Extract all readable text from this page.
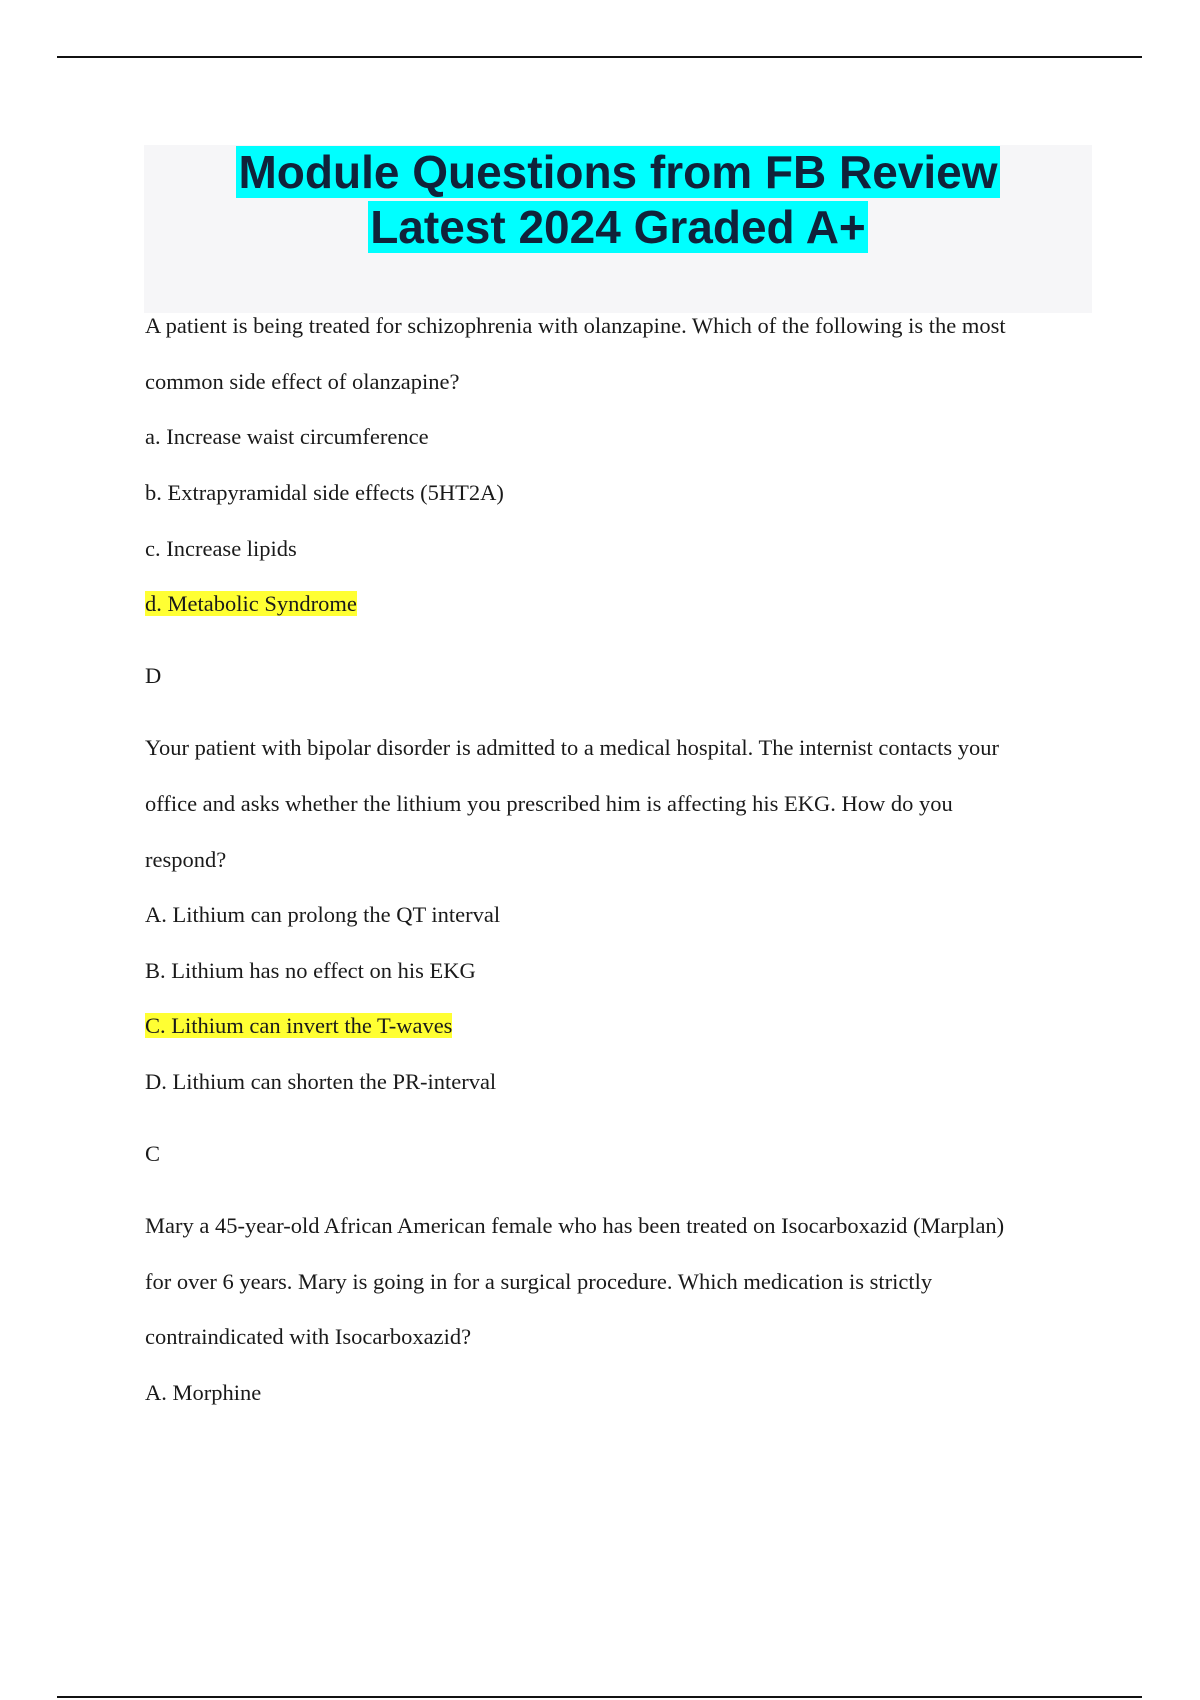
Module Questions from FB Review
Latest 2024 Graded A+
A patient is being treated for schizophrenia with olanzapine. Which of the following is the most
common side effect of olanzapine?
a. Increase waist circumference
b. Extrapyramidal side effects (5HT2A)
c. Increase lipids
d. Metabolic Syndrome
D
Your patient with bipolar disorder is admitted to a medical hospital. The internist contacts your
office and asks whether the lithium you prescribed him is affecting his EKG. How do you
respond?
A. Lithium can prolong the QT interval
B. Lithium has no effect on his EKG
C. Lithium can invert the T-waves
D. Lithium can shorten the PR-interval
C
Mary a 45-year-old African American female who has been treated on Isocarboxazid (Marplan)
for over 6 years. Mary is going in for a surgical procedure. Which medication is strictly
contraindicated with Isocarboxazid?
A. Morphine
